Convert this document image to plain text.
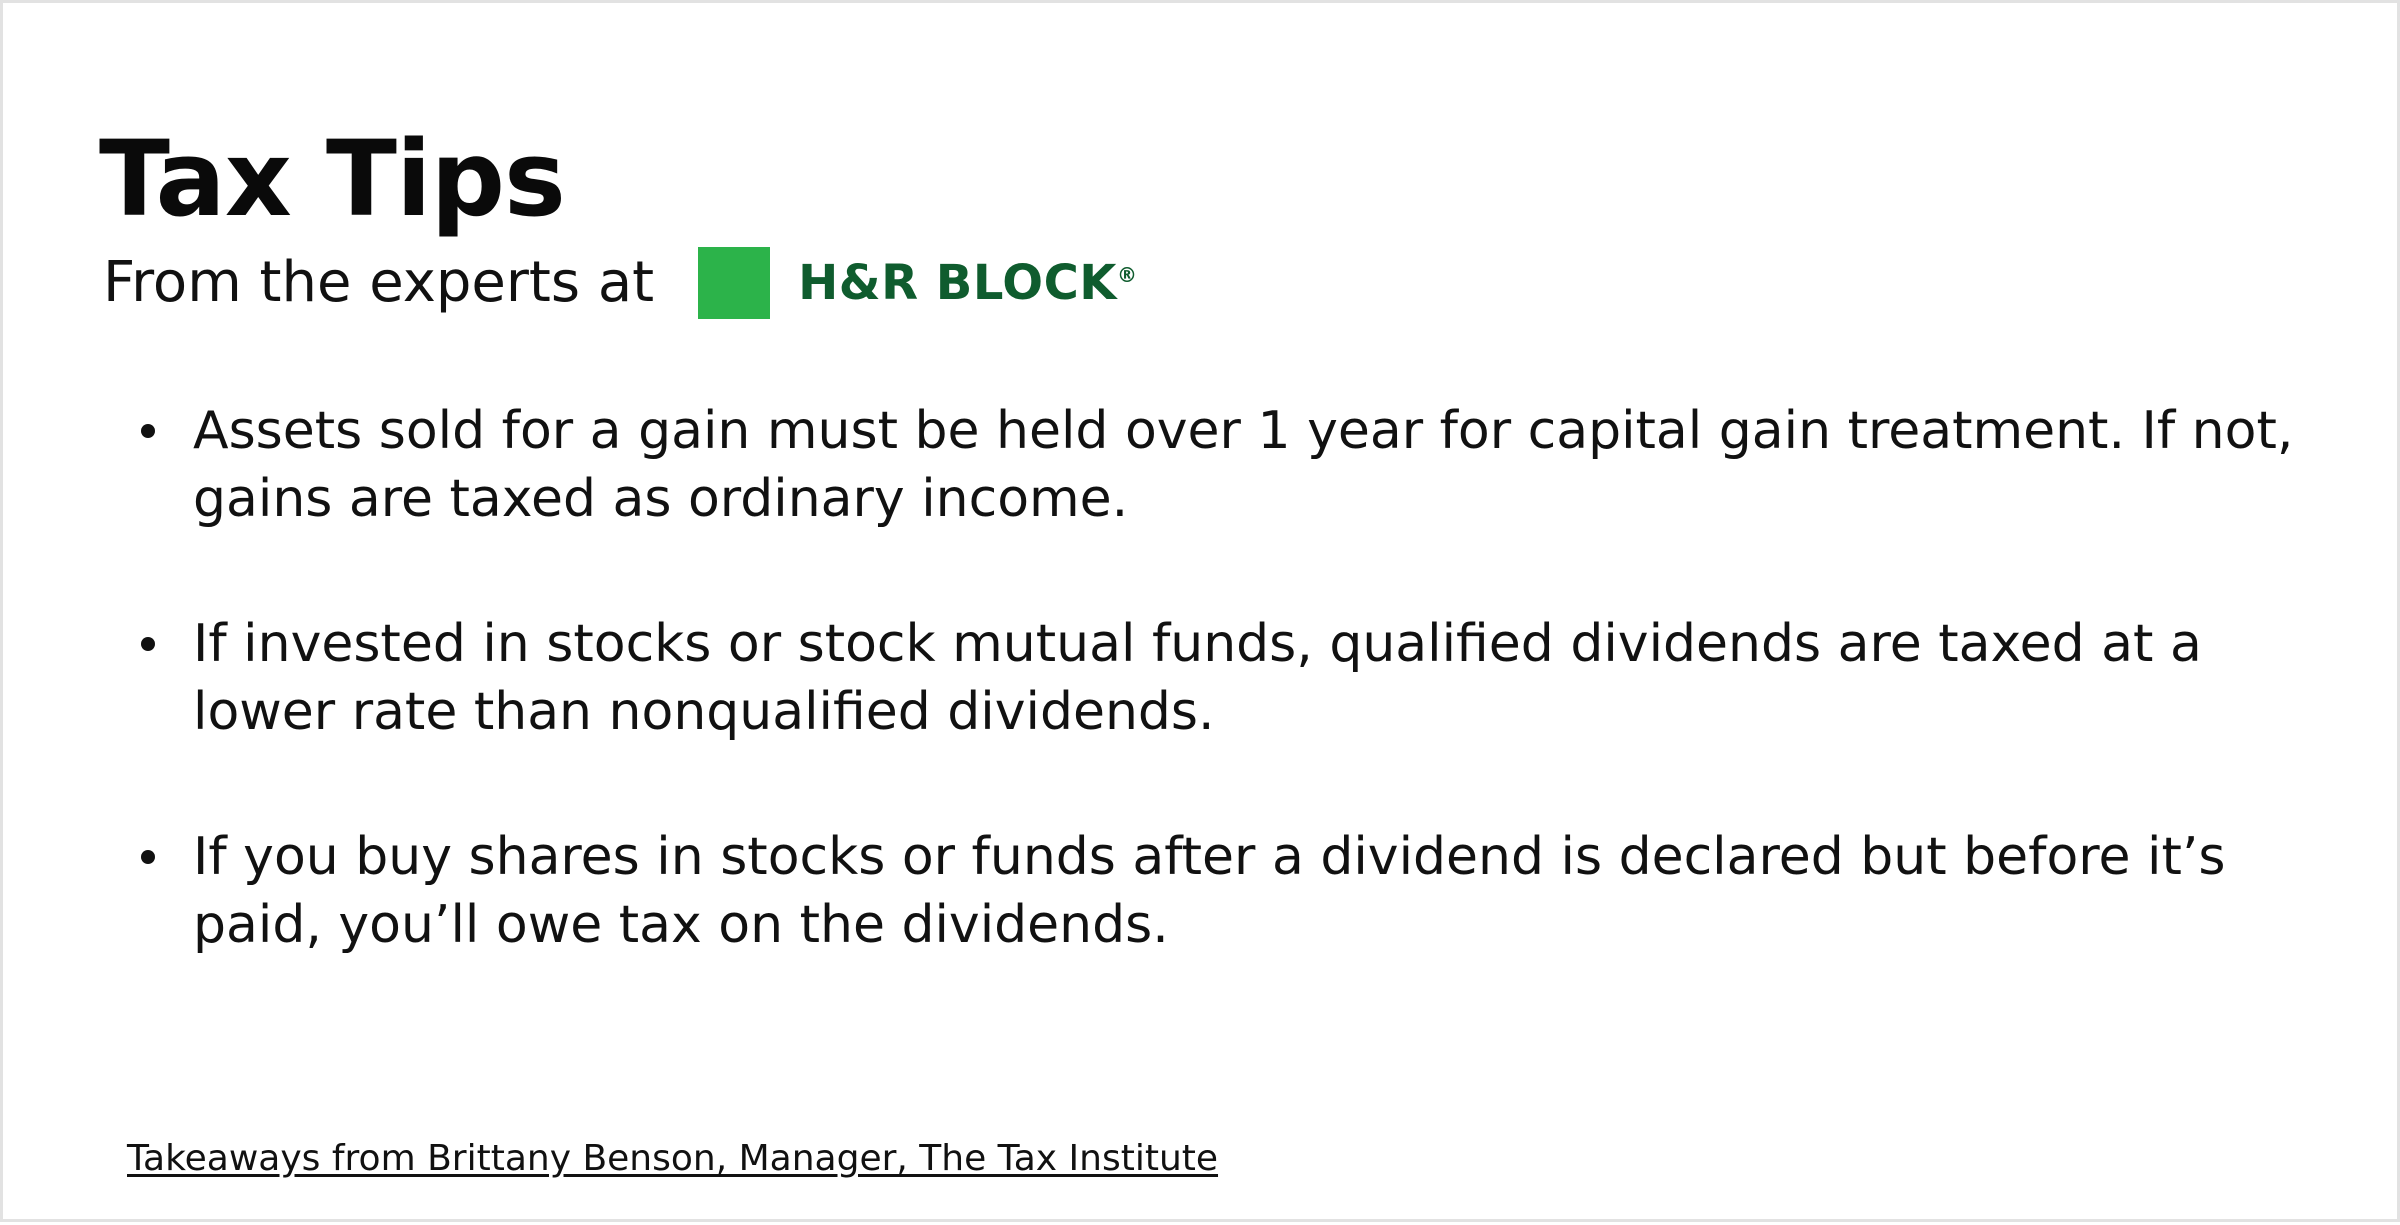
Tax Tips
From the experts at	H&R BLOCK®
Assets sold for a gain must be held over 1 year for capital gain treatment. If not, gains are taxed as ordinary income.
If invested in stocks or stock mutual funds, qualified dividends are taxed at a lower rate than nonqualified dividends.
If you buy shares in stocks or funds after a dividend is declared but before it’s paid, you’ll owe tax on the dividends.
Takeaways from Brittany Benson, Manager, The Tax Institute
